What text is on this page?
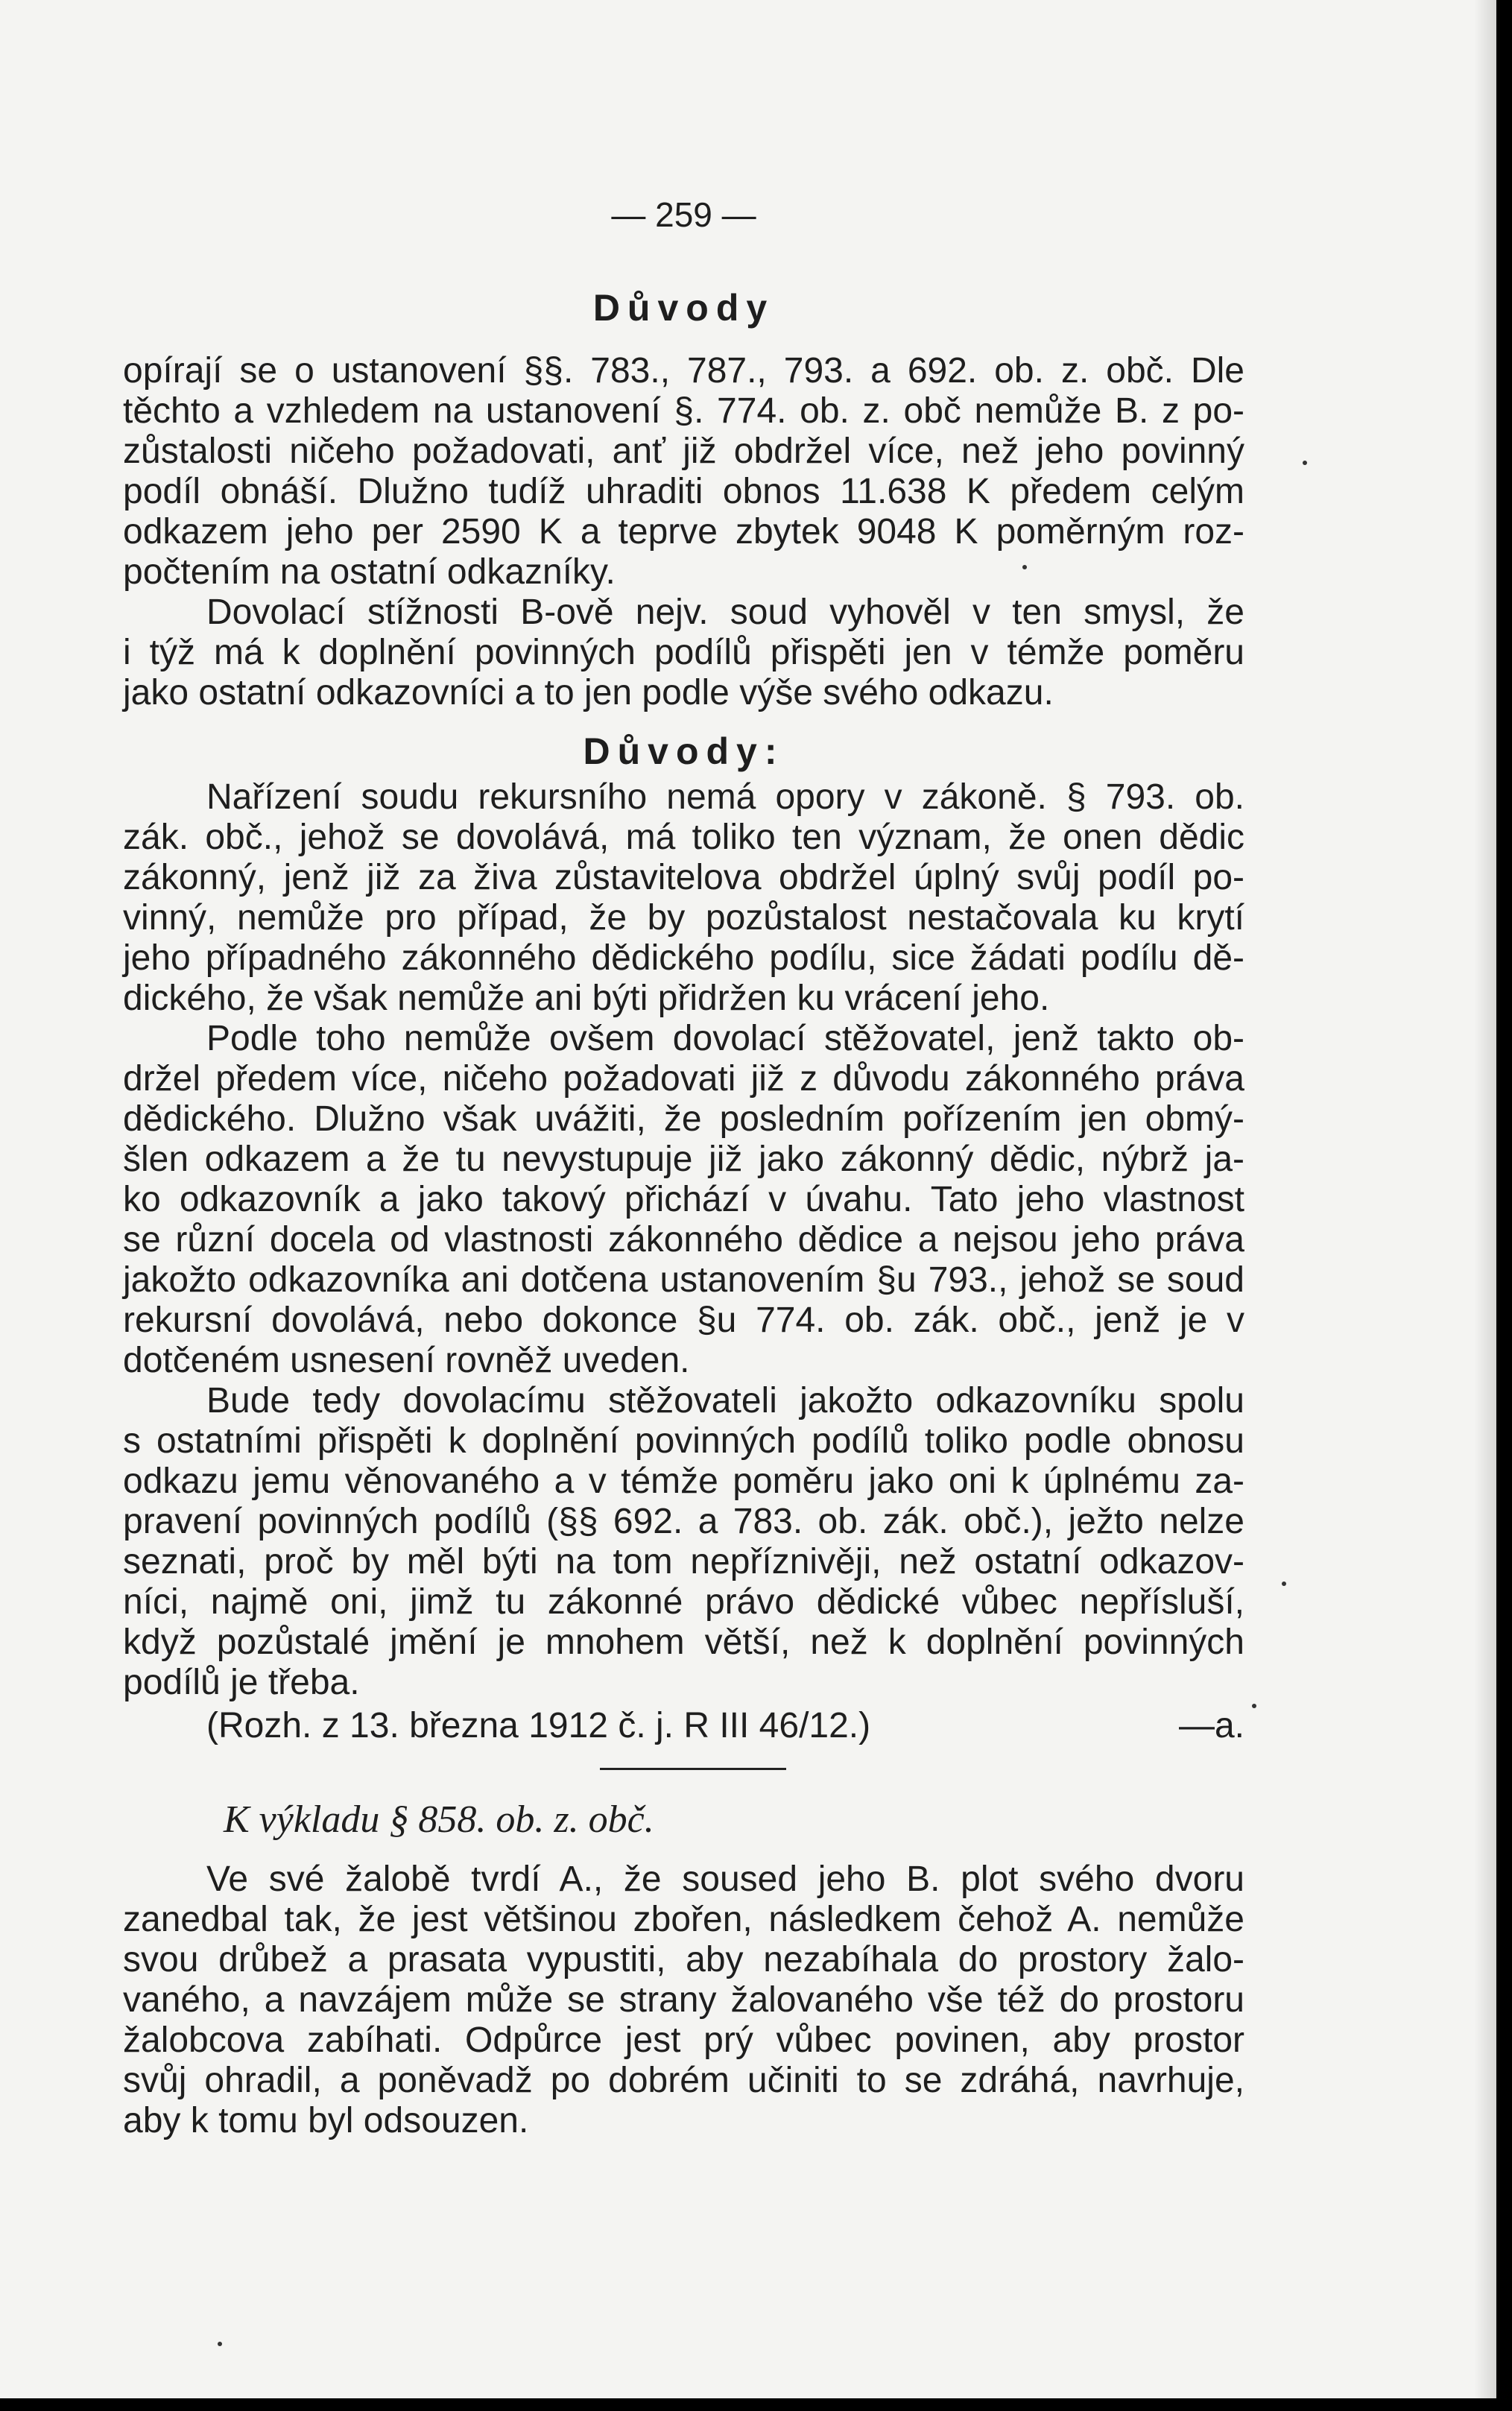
— 259 —
Důvody
opírají se o ustanovení §§. 783., 787., 793. a 692. ob. z. obč. Dle
těchto a vzhledem na ustanovení §. 774. ob. z. obč nemůže B. z po-
zůstalosti ničeho požadovati, anť již obdržel více, než jeho povinný
podíl obnáší. Dlužno tudíž uhraditi obnos 11.638 K předem celým
odkazem jeho per 2590 K a teprve zbytek 9048 K poměrným roz-
počtením na ostatní odkazníky.
Dovolací stížnosti B-ově nejv. soud vyhověl v ten smysl, že
i týž má k doplnění povinných podílů přispěti jen v témže poměru
jako ostatní odkazovníci a to jen podle výše svého odkazu.
Důvody:
Nařízení soudu rekursního nemá opory v zákoně. § 793. ob.
zák. obč., jehož se dovolává, má toliko ten význam, že onen dědic
zákonný, jenž již za živa zůstavitelova obdržel úplný svůj podíl po-
vinný, nemůže pro případ, že by pozůstalost nestačovala ku krytí
jeho případného zákonného dědického podílu, sice žádati podílu dě-
dického, že však nemůže ani býti přidržen ku vrácení jeho.
Podle toho nemůže ovšem dovolací stěžovatel, jenž takto ob-
držel předem více, ničeho požadovati již z důvodu zákonného práva
dědického. Dlužno však uvážiti, že posledním pořízením jen obmý-
šlen odkazem a že tu nevystupuje již jako zákonný dědic, nýbrž ja-
ko odkazovník a jako takový přichází v úvahu. Tato jeho vlastnost
se různí docela od vlastnosti zákonného dědice a nejsou jeho práva
jakožto odkazovníka ani dotčena ustanovením §u 793., jehož se soud
rekursní dovolává, nebo dokonce §u 774. ob. zák. obč., jenž je v
dotčeném usnesení rovněž uveden.
Bude tedy dovolacímu stěžovateli jakožto odkazovníku spolu
s ostatními přispěti k doplnění povinných podílů toliko podle obnosu
odkazu jemu věnovaného a v témže poměru jako oni k úplnému za-
pravení povinných podílů (§§ 692. a 783. ob. zák. obč.), ježto nelze
seznati, proč by měl býti na tom nepříznivěji, než ostatní odkazov-
níci, najmě oni, jimž tu zákonné právo dědické vůbec nepřísluší,
když pozůstalé jmění je mnohem větší, než k doplnění povinných
podílů je třeba.
(Rozh. z 13. března 1912 č. j. R III 46/12.)	—a.
K výkladu § 858. ob. z. obč.
Ve své žalobě tvrdí A., že soused jeho B. plot svého dvoru
zanedbal tak, že jest většinou zbořen, následkem čehož A. nemůže
svou drůbež a prasata vypustiti, aby nezabíhala do prostory žalo-
vaného, a navzájem může se strany žalovaného vše též do prostoru
žalobcova zabíhati. Odpůrce jest prý vůbec povinen, aby prostor
svůj ohradil, a poněvadž po dobrém učiniti to se zdráhá, navrhuje,
aby k tomu byl odsouzen.
